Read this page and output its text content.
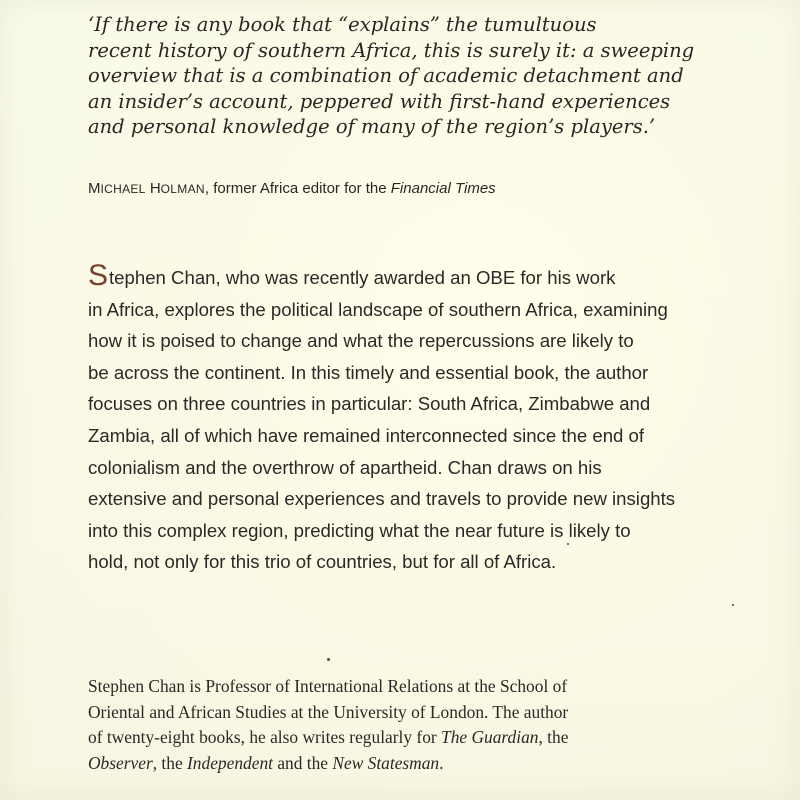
‘If there is any book that “explains” the tumultuous
recent history of southern Africa, this is surely it: a sweeping
overview that is a combination of academic detachment and
an insider’s account, peppered with first-hand experiences
and personal knowledge of many of the region’s players.’

MICHAEL HOLMAN, former Africa editor for the Financial Times

Stephen Chan, who was recently awarded an OBE for his work
in Africa, explores the political landscape of southern Africa, examining
how it is poised to change and what the repercussions are likely to
be across the continent. In this timely and essential book, the author
focuses on three countries in particular: South Africa, Zimbabwe and
Zambia, all of which have remained interconnected since the end of
colonialism and the overthrow of apartheid. Chan draws on his
extensive and personal experiences and travels to provide new insights
into this complex region, predicting what the near future is likely to
hold, not only for this trio of countries, but for all of Africa.

Stephen Chan is Professor of International Relations at the School of
Oriental and African Studies at the University of London. The author
of twenty-eight books, he also writes regularly for The Guardian, the
Observer, the Independent and the New Statesman.
